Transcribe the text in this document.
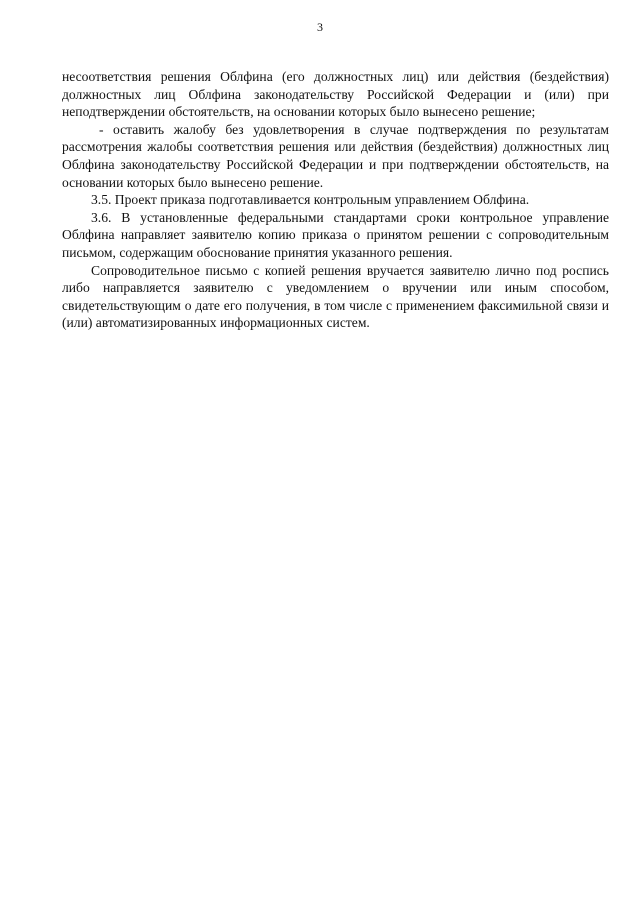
3

несоответствия решения Облфина (его должностных лиц) или действия (бездействия) должностных лиц Облфина законодательству Российской Федерации и (или) при неподтверждении обстоятельств, на основании которых было вынесено решение;

- оставить жалобу без удовлетворения в случае подтверждения по результатам рассмотрения жалобы соответствия решения или действия (бездействия) должностных лиц Облфина законодательству Российской Федерации и при подтверждении обстоятельств, на основании которых было вынесено решение.

3.5. Проект приказа подготавливается контрольным управлением Облфина.

3.6. В установленные федеральными стандартами сроки контрольное управление Облфина направляет заявителю копию приказа о принятом решении с сопроводительным письмом, содержащим обоснование принятия указанного решения.

Сопроводительное письмо с копией решения вручается заявителю лично под роспись либо направляется заявителю с уведомлением о вручении или иным способом, свидетельствующим о дате его получения, в том числе с применением факсимильной связи и (или) автоматизированных информационных систем.
